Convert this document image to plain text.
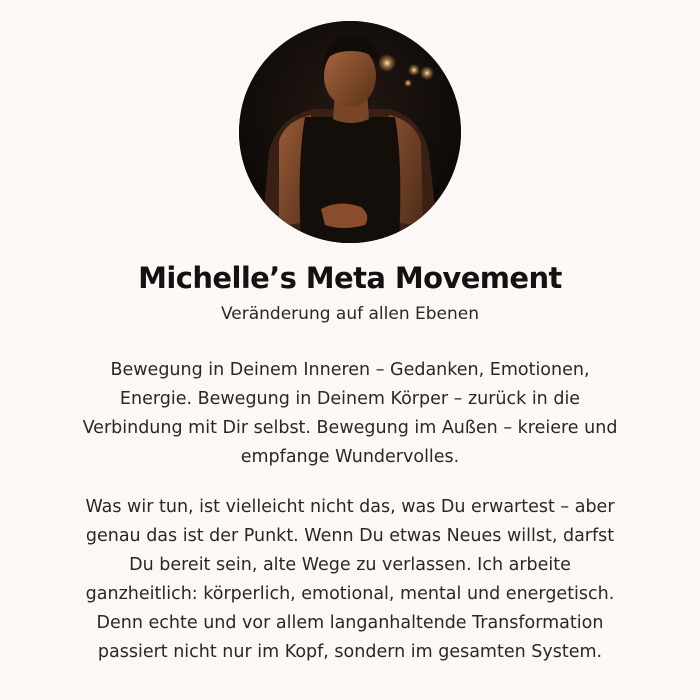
Michelle’s Meta Movement

Veränderung auf allen Ebenen

Bewegung in Deinem Inneren – Gedanken, Emotionen,
Energie. Bewegung in Deinem Körper – zurück in die
Verbindung mit Dir selbst. Bewegung im Außen – kreiere und
empfange Wundervolles.

Was wir tun, ist vielleicht nicht das, was Du erwartest – aber
genau das ist der Punkt. Wenn Du etwas Neues willst, darfst
Du bereit sein, alte Wege zu verlassen. Ich arbeite
ganzheitlich: körperlich, emotional, mental und energetisch.
Denn echte und vor allem langanhaltende Transformation
passiert nicht nur im Kopf, sondern im gesamten System.
